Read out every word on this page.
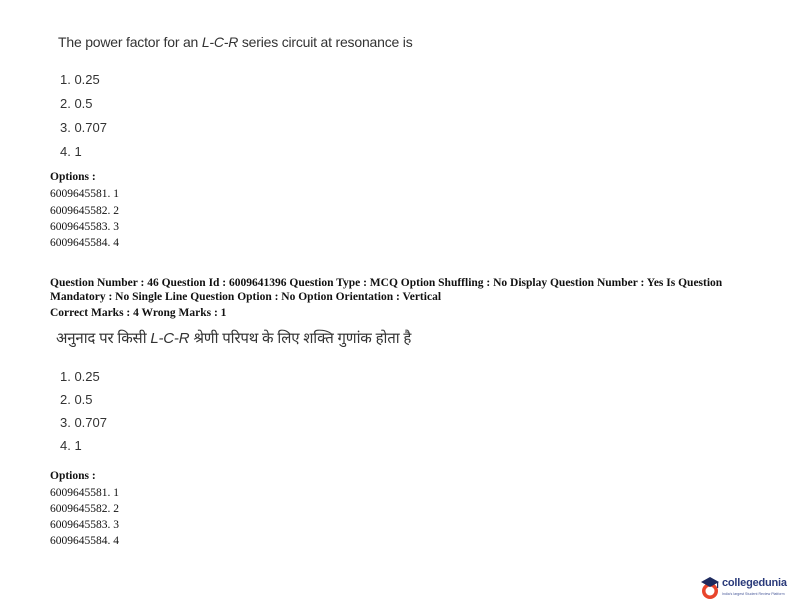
The power factor for an L-C-R series circuit at resonance is
1. 0.25
2. 0.5
3. 0.707
4. 1
Options :
6009645581. 1
6009645582. 2
6009645583. 3
6009645584. 4
Question Number : 46 Question Id : 6009641396 Question Type : MCQ Option Shuffling : No Display Question Number : Yes Is Question Mandatory : No Single Line Question Option : No Option Orientation : Vertical
Correct Marks : 4 Wrong Marks : 1
अनुनाद पर किसी L-C-R श्रेणी परिपथ के लिए शक्ति गुणांक होता है
1. 0.25
2. 0.5
3. 0.707
4. 1
Options :
6009645581. 1
6009645582. 2
6009645583. 3
6009645584. 4
collegedunia
India's largest Student Review Platform
